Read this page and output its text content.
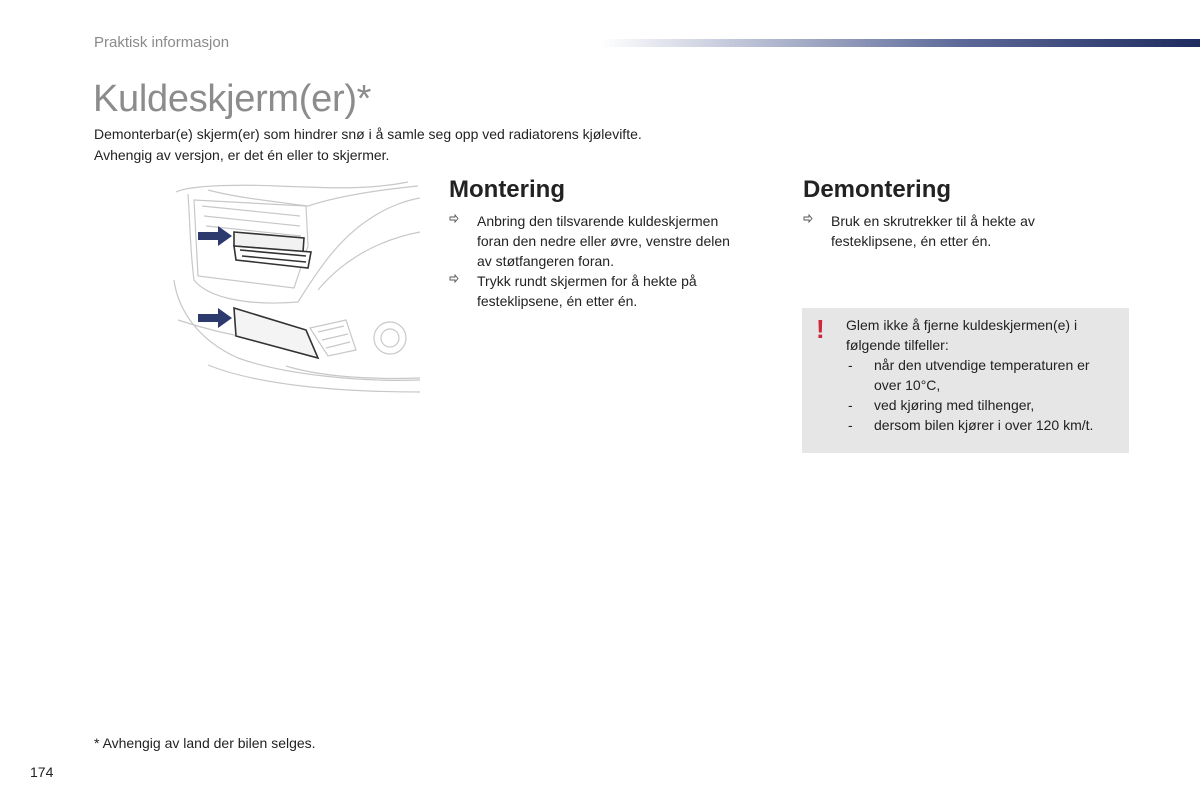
Praktisk informasjon
Kuldeskjerm(er)*

Demonterbar(e) skjerm(er) som hindrer snø i å samle seg opp ved radiatorens kjølevifte.

Avhengig av versjon, er det én eller to skjermer.

Montering
Anbring den tilsvarende kuldeskjermen
foran den nedre eller øvre, venstre delen
av støtfangeren foran.
Trykk rundt skjermen for å hekte på
festeklipsene, én etter én.
Demontering
Bruk en skrutrekker til å hekte av
festeklipsene, én etter én.
! Glem ikke å fjerne kuldeskjermen(e) i
følgende tilfeller:

- når den utvendige temperaturen er
over 10°C,
- ved kjøring med tilhenger,
- dersom bilen kjører i over 120 km/t.
* Avhengig av land der bilen selges.
174
